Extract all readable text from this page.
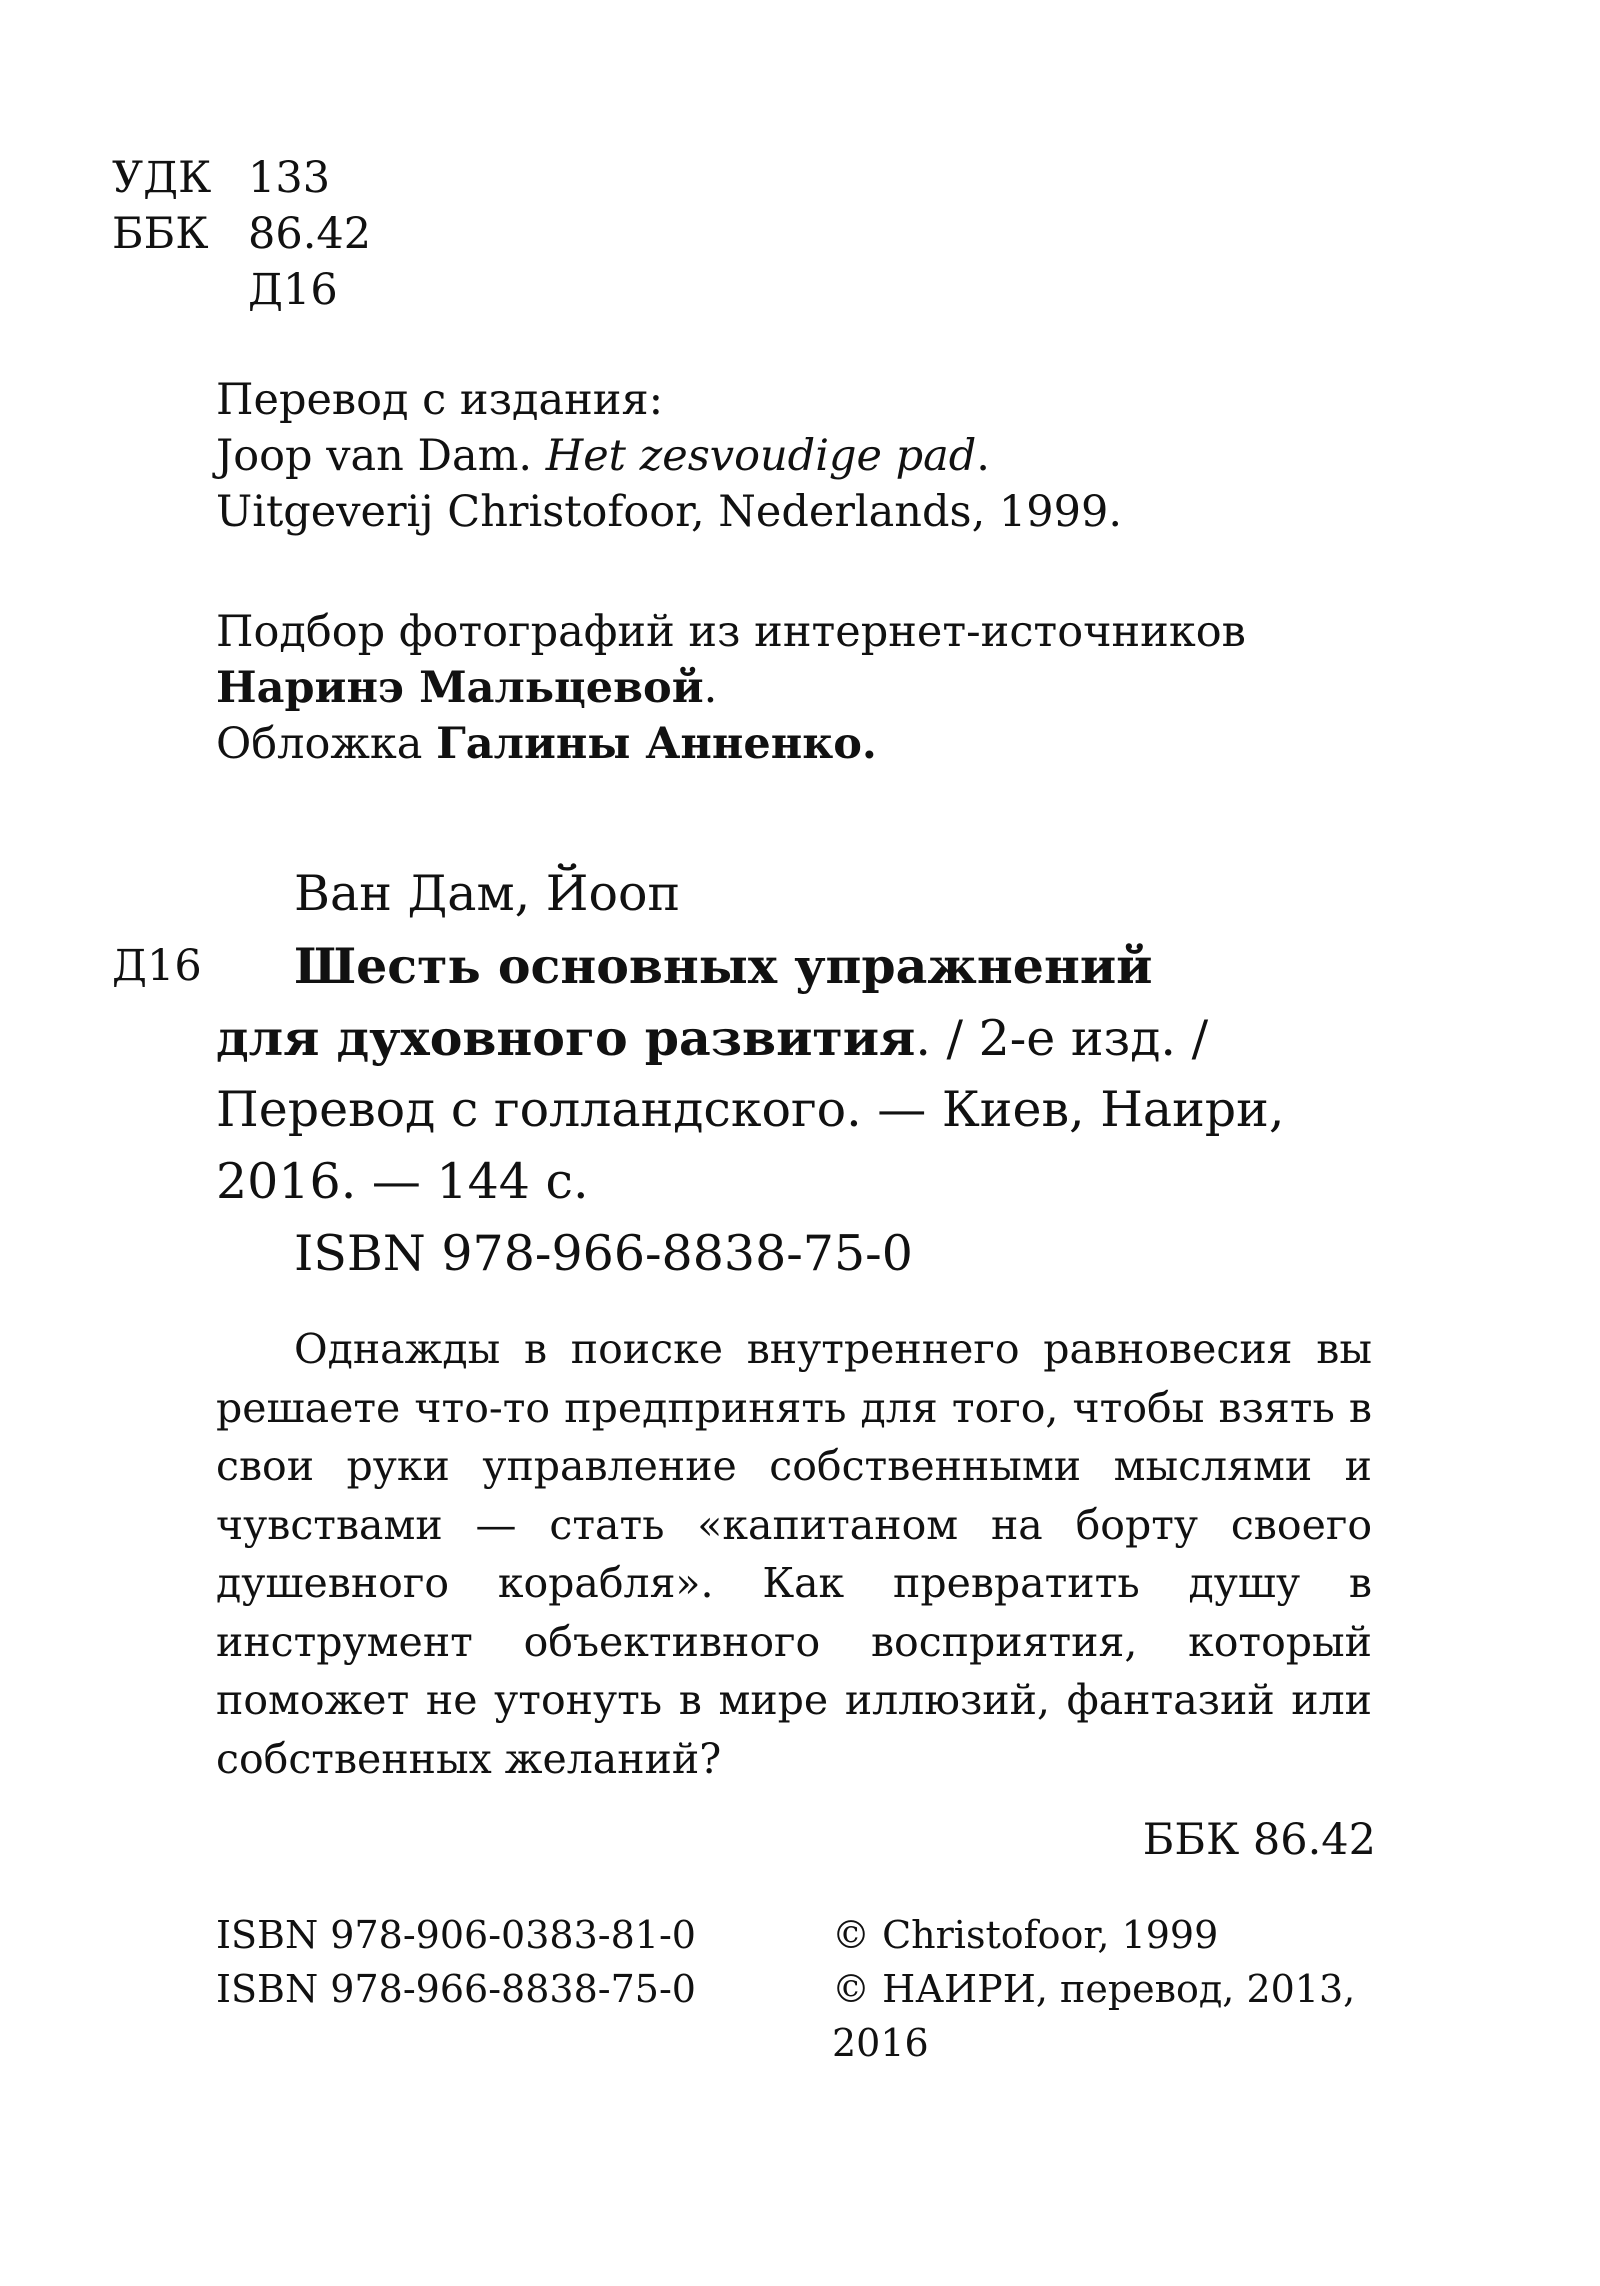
УДК 133
ББК 86.42
Д16
Перевод с издания:
Joop van Dam. Het zesvoudige pad.
Uitgeverij Christofoor, Nederlands, 1999.
Подбор фотографий из интернет-источников
Наринэ Мальцевой.
Обложка Галины Анненко.
Ван Дам, Йооп
Д16 Шесть основных упражнений
для духовного развития. / 2-е изд. /
Перевод с голландского. — Киев, Наири,
2016. — 144 с.
ISBN 978-966-8838-75-0

Однажды в поиске внутреннего равновесия вы решаете что-то предпринять для того, чтобы взять в свои руки управление собственными мыслями и чувствами — стать «капитаном на борту своего душевного корабля». Как превратить душу в инструмент объективного восприятия, который поможет не утонуть в мире иллюзий, фантазий или собственных желаний?

ББК 86.42
ISBN 978-906-0383-81-0
ISBN 978-966-8838-75-0
© Christofoor, 1999
© НАИРИ, перевод, 2013,
2016
